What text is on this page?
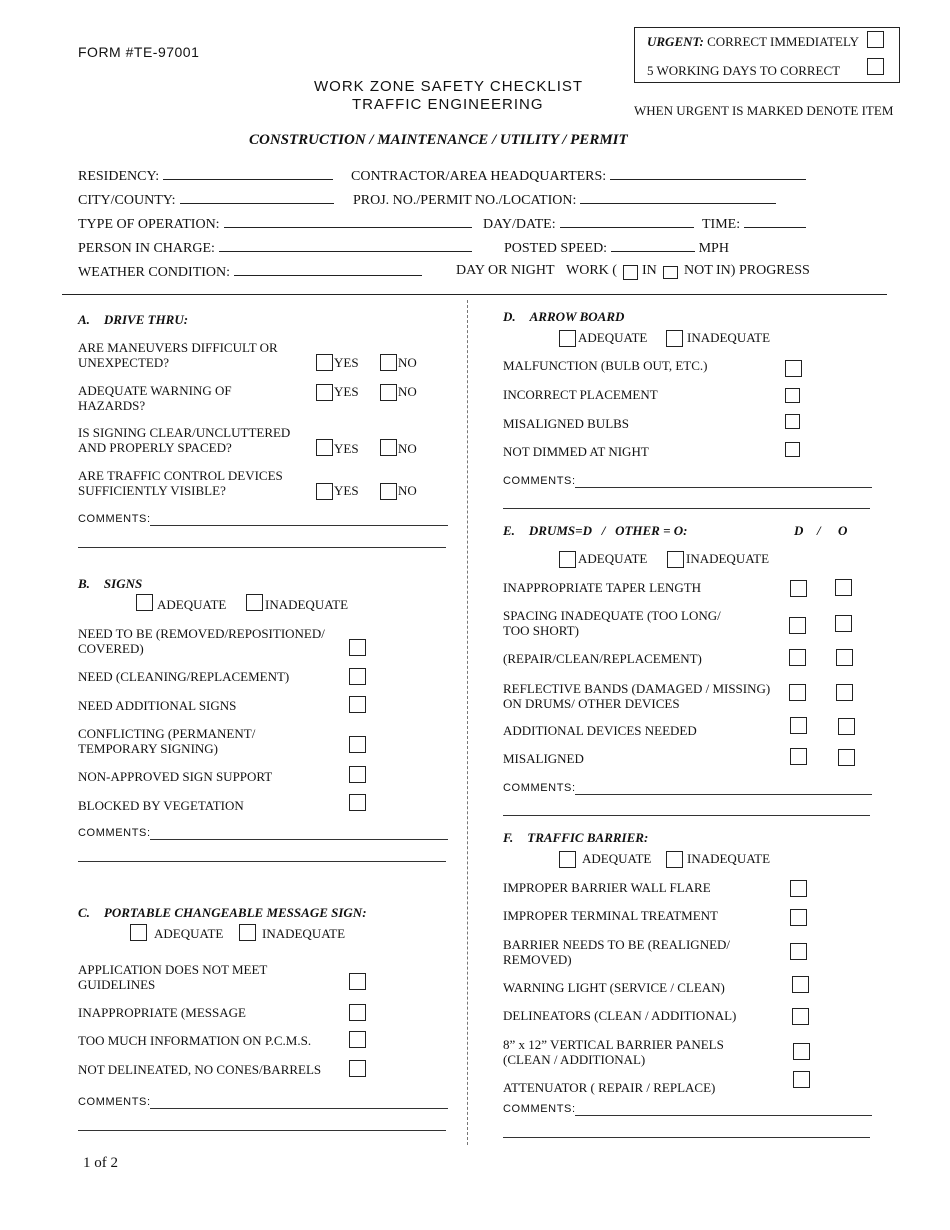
FORM #TE-97001
WORK ZONE SAFETY CHECKLIST
TRAFFIC ENGINEERING
CONSTRUCTION / MAINTENANCE / UTILITY / PERMIT
URGENT: CORRECT IMMEDIATELY
5 WORKING DAYS TO CORRECT
WHEN URGENT IS MARKED DENOTE ITEM
RESIDENCY:	CONTRACTOR/AREA HEADQUARTERS:
CITY/COUNTY:	PROJ. NO./PERMIT NO./LOCATION:
TYPE OF OPERATION:	DAY/DATE:	TIME:
PERSON IN CHARGE:	POSTED SPEED:	MPH
WEATHER CONDITION:	DAY OR NIGHT WORK ( IN NOT IN) PROGRESS
A. DRIVE THRU:
ARE MANEUVERS DIFFICULT OR
UNEXPECTED?	YES	NO
ADEQUATE WARNING OF
HAZARDS?
YES	NO
IS SIGNING CLEAR/UNCLUTTERED
AND PROPERLY SPACED?	YES	NO
ARE TRAFFIC CONTROL DEVICES
SUFFICIENTLY VISIBLE?	YES	NO
COMMENTS:
B. SIGNS
ADEQUATE	INADEQUATE
NEED TO BE (REMOVED/REPOSITIONED/
COVERED)
NEED (CLEANING/REPLACEMENT)
NEED ADDITIONAL SIGNS
CONFLICTING (PERMANENT/
TEMPORARY SIGNING)
NON-APPROVED SIGN SUPPORT
BLOCKED BY VEGETATION
COMMENTS:
C. PORTABLE CHANGEABLE MESSAGE SIGN:
ADEQUATE	INADEQUATE
APPLICATION DOES NOT MEET
GUIDELINES
INAPPROPRIATE (MESSAGE
TOO MUCH INFORMATION ON P.C.M.S.
NOT DELINEATED, NO CONES/BARRELS
COMMENTS:
D. ARROW BOARD
ADEQUATE	INADEQUATE
MALFUNCTION (BULB OUT, ETC.)
INCORRECT PLACEMENT
MISALIGNED BULBS
NOT DIMMED AT NIGHT
COMMENTS:
E. DRUMS=D   /   OTHER = O:	D / O
ADEQUATE	INADEQUATE
INAPPROPRIATE TAPER LENGTH
SPACING INADEQUATE (TOO LONG/
TOO SHORT)
(REPAIR/CLEAN/REPLACEMENT)
REFLECTIVE BANDS (DAMAGED / MISSING)
ON DRUMS/ OTHER DEVICES
ADDITIONAL DEVICES NEEDED
MISALIGNED
COMMENTS:
F. TRAFFIC BARRIER:
ADEQUATE	INADEQUATE
IMPROPER BARRIER WALL FLARE
IMPROPER TERMINAL TREATMENT
BARRIER NEEDS TO BE (REALIGNED/
REMOVED)
WARNING LIGHT (SERVICE / CLEAN)
DELINEATORS (CLEAN / ADDITIONAL)
8” x 12” VERTICAL BARRIER PANELS
(CLEAN / ADDITIONAL)
ATTENUATOR ( REPAIR / REPLACE)
COMMENTS:
1 of 2
